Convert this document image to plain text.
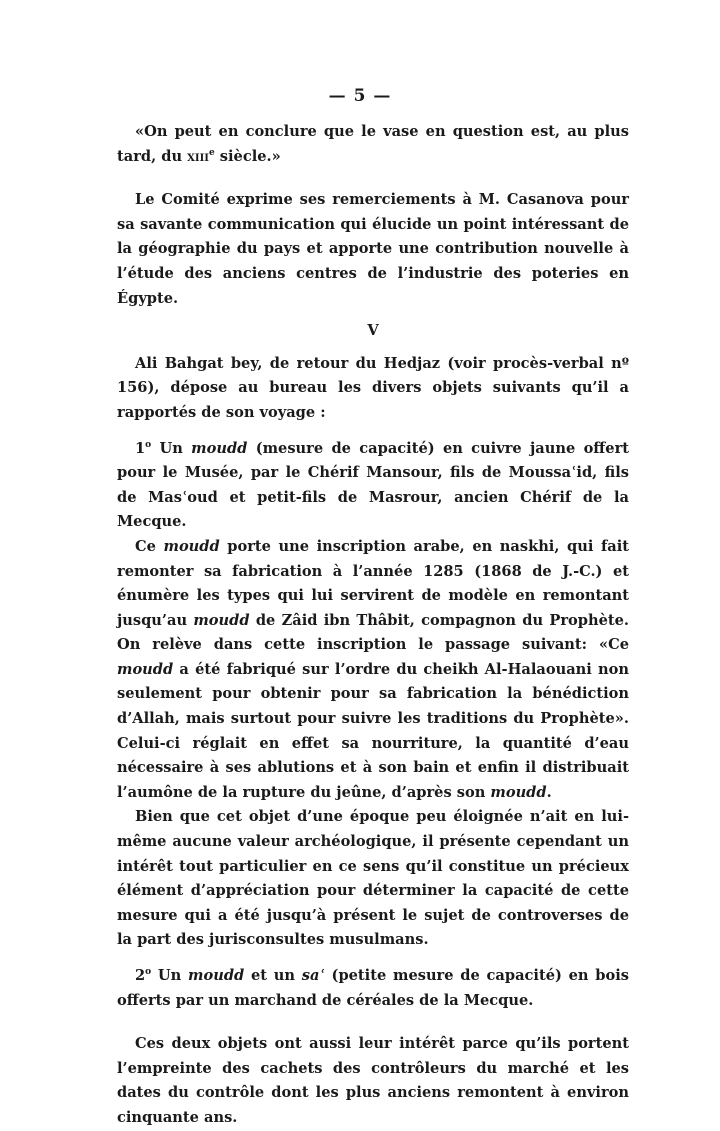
— 5 —

«On peut en conclure que le vase en question est, au plus tard, du xiii$^e$ siècle.»

Le Comité exprime ses remerciements à M. Casanova pour sa savante communication qui élucide un point intéressant de la géographie du pays et apporte une contribution nouvelle à l’étude des anciens centres de l’industrie des poteries en Égypte.

V

Ali Bahgat bey, de retour du Hedjaz (voir procès-verbal nº 156), dépose au bureau les divers objets suivants qu’il a rapportés de son voyage :

1$^o$ Un moudd (mesure de capacité) en cuivre jaune offert pour le Musée, par le Chérif Mansour, fils de Moussaʿid, fils de Masʿoud et petit-fils de Masrour, ancien Chérif de la Mecque.

Ce moudd porte une inscription arabe, en naskhi, qui fait remonter sa fabrication à l’année 1285 (1868 de J.-C.) et énumère les types qui lui servirent de modèle en remontant jusqu’au moudd de Zâid ibn Thâbit, compagnon du Prophète. On relève dans cette inscription le passage suivant: «Ce moudd a été fabriqué sur l’ordre du cheikh Al-Halaouani non seulement pour obtenir pour sa fabrication la bénédiction d’Allah, mais surtout pour suivre les traditions du Prophète». Celui-ci réglait en effet sa nourriture, la quantité d’eau nécessaire à ses ablutions et à son bain et enfin il distribuait l’aumône de la rupture du jeûne, d’après son moudd.

Bien que cet objet d’une époque peu éloignée n’ait en lui-même aucune valeur archéologique, il présente cependant un intérêt tout particulier en ce sens qu’il constitue un précieux élément d’appréciation pour déterminer la capacité de cette mesure qui a été jusqu’à présent le sujet de controverses de la part des jurisconsultes musulmans.

2$^o$ Un moudd et un saʿ (petite mesure de capacité) en bois offerts par un marchand de céréales de la Mecque.

Ces deux objets ont aussi leur intérêt parce qu’ils portent l’empreinte des cachets des contrôleurs du marché et les dates du contrôle dont les plus anciens remontent à environ cinquante ans.
